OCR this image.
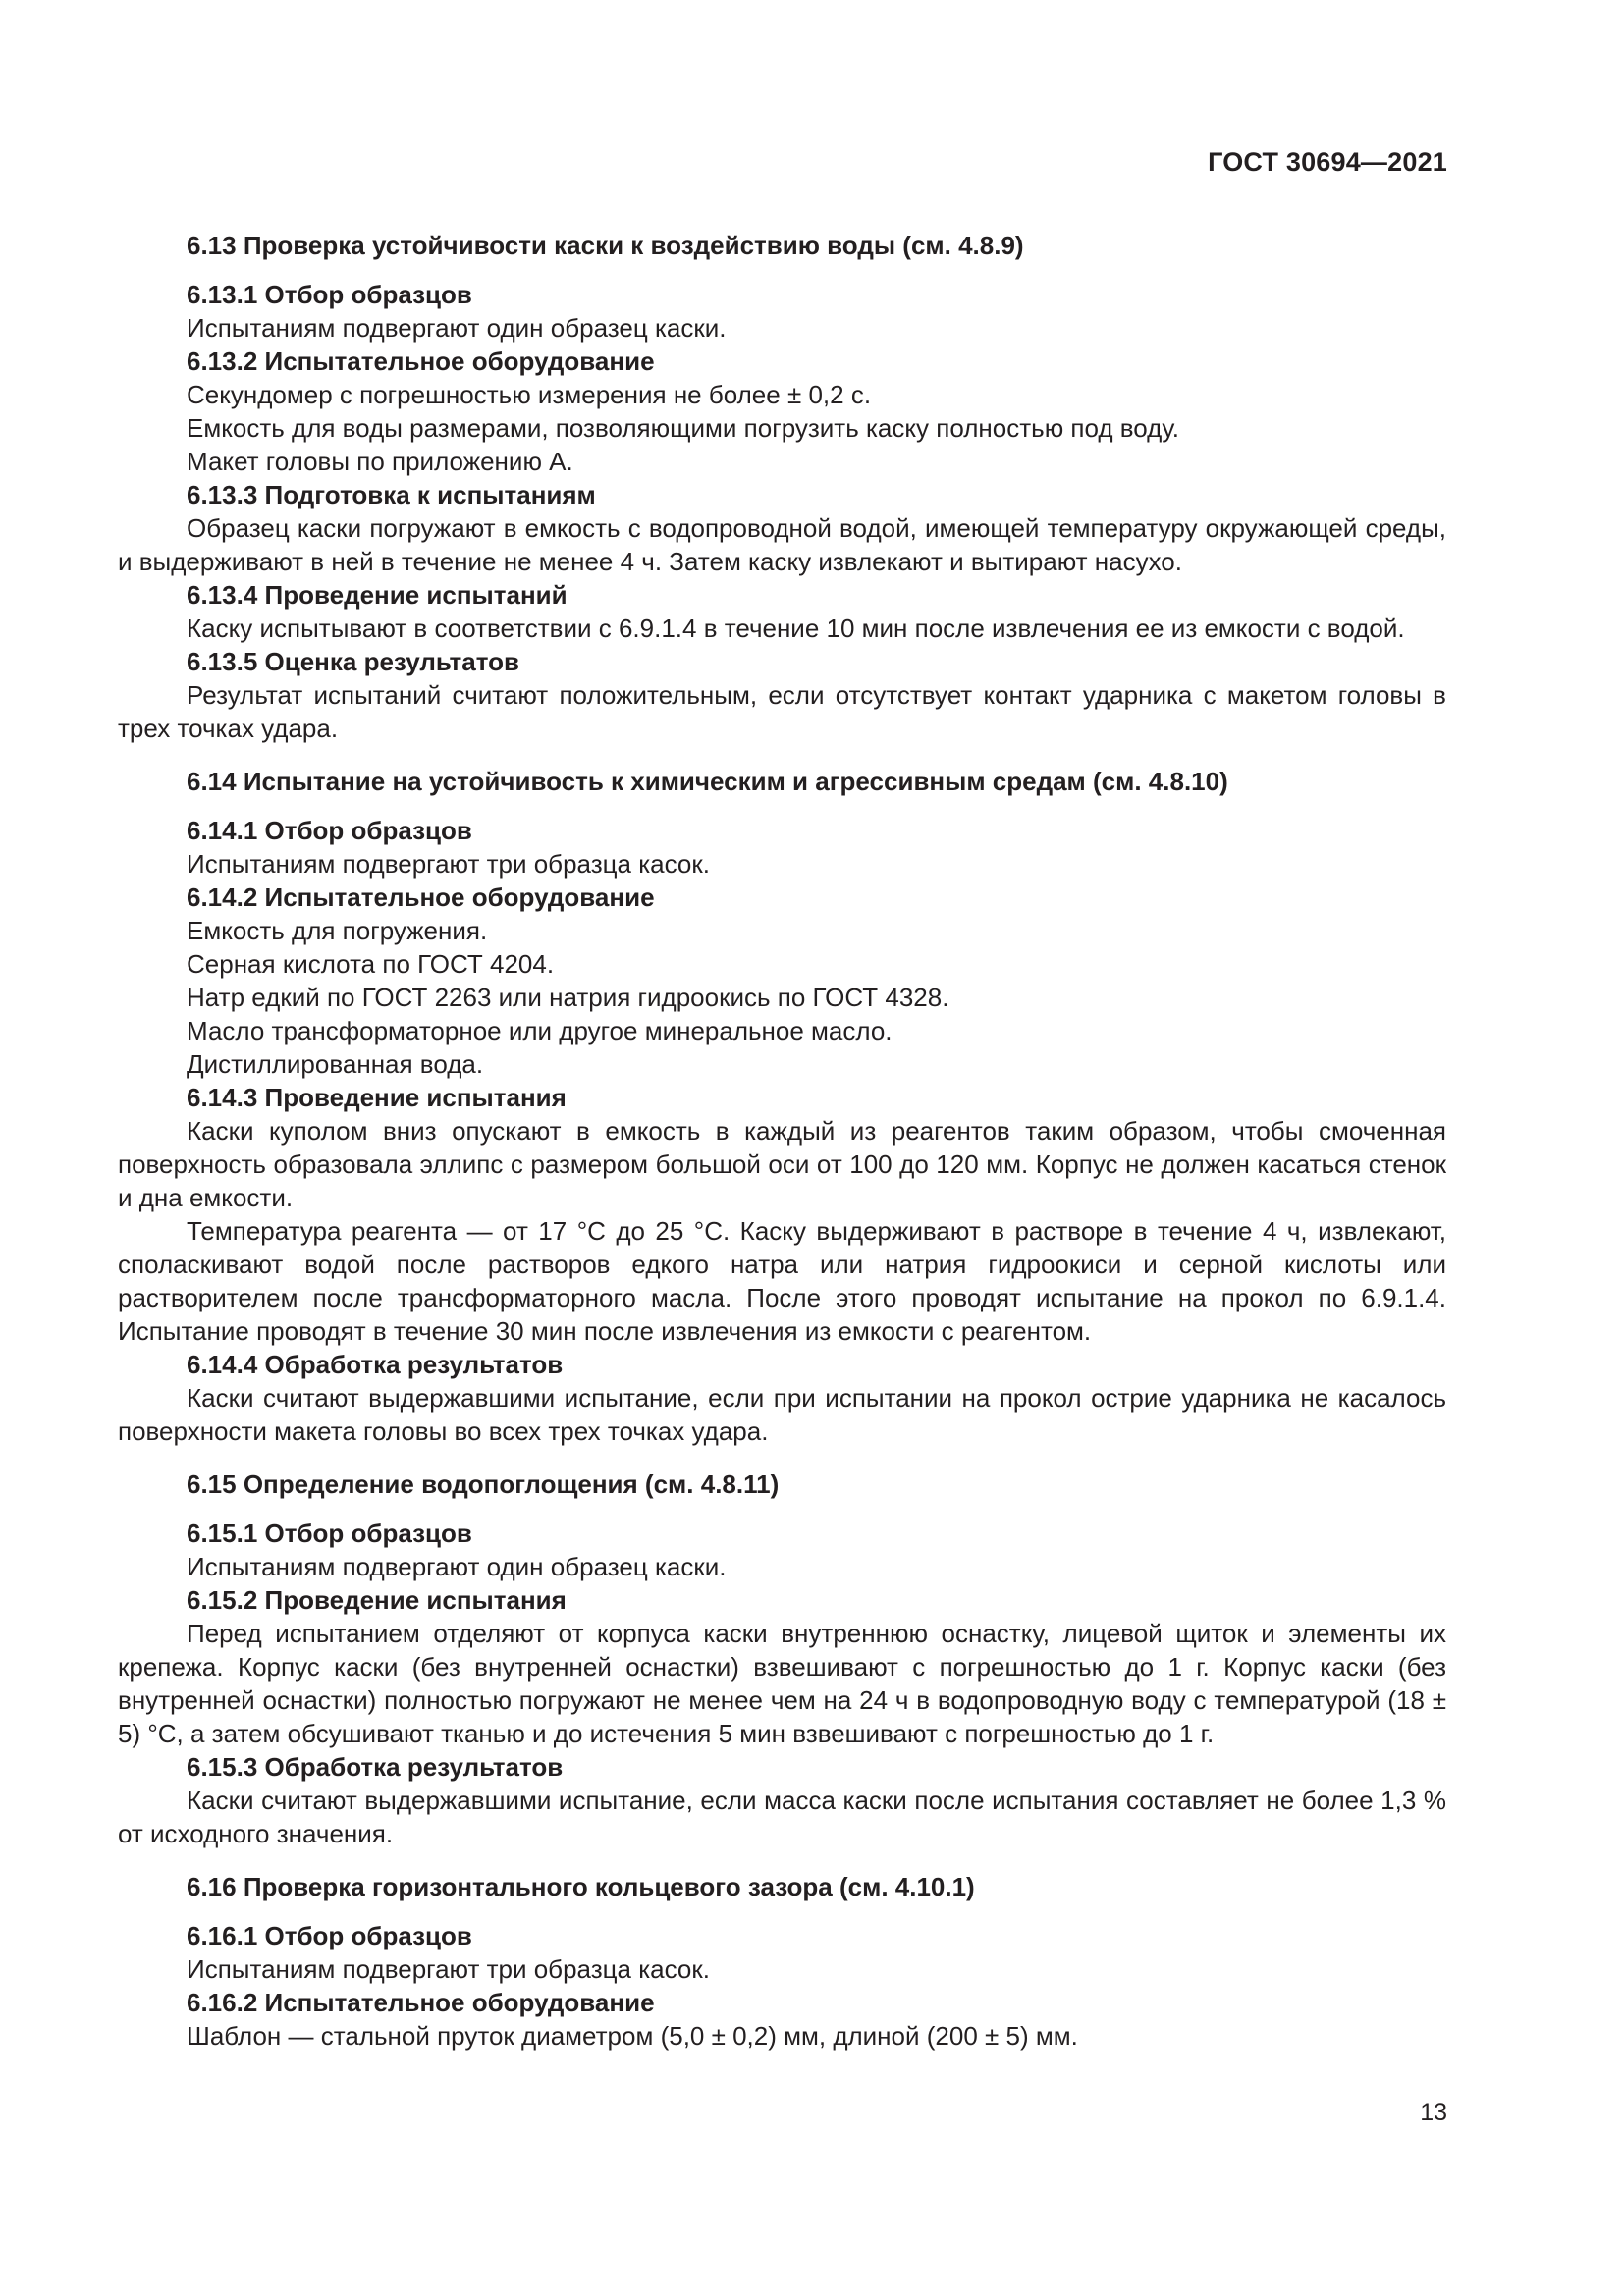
ГОСТ 30694—2021
6.13 Проверка устойчивости каски к воздействию воды (см. 4.8.9)
6.13.1 Отбор образцов
Испытаниям подвергают один образец каски.
6.13.2 Испытательное оборудование
Секундомер с погрешностью измерения не более ± 0,2 с.
Емкость для воды размерами, позволяющими погрузить каску полностью под воду.
Макет головы по приложению А.
6.13.3 Подготовка к испытаниям
Образец каски погружают в емкость с водопроводной водой, имеющей температуру окружающей среды, и выдерживают в ней в течение не менее 4 ч. Затем каску извлекают и вытирают насухо.
6.13.4 Проведение испытаний
Каску испытывают в соответствии с 6.9.1.4 в течение 10 мин после извлечения ее из емкости с водой.
6.13.5 Оценка результатов
Результат испытаний считают положительным, если отсутствует контакт ударника с макетом головы в трех точках удара.
6.14 Испытание на устойчивость к химическим и агрессивным средам (см. 4.8.10)
6.14.1 Отбор образцов
Испытаниям подвергают три образца касок.
6.14.2 Испытательное оборудование
Емкость для погружения.
Серная кислота по ГОСТ 4204.
Натр едкий по ГОСТ 2263 или натрия гидроокись по ГОСТ 4328.
Масло трансформаторное или другое минеральное масло.
Дистиллированная вода.
6.14.3 Проведение испытания
Каски куполом вниз опускают в емкость в каждый из реагентов таким образом, чтобы смоченная поверхность образовала эллипс с размером большой оси от 100 до 120 мм. Корпус не должен касаться стенок и дна емкости.
Температура реагента — от 17 °С до 25 °С. Каску выдерживают в растворе в течение 4 ч, извлекают, споласкивают водой после растворов едкого натра или натрия гидроокиси и серной кислоты или растворителем после трансформаторного масла. После этого проводят испытание на прокол по 6.9.1.4. Испытание проводят в течение 30 мин после извлечения из емкости с реагентом.
6.14.4 Обработка результатов
Каски считают выдержавшими испытание, если при испытании на прокол острие ударника не касалось поверхности макета головы во всех трех точках удара.
6.15 Определение водопоглощения (см. 4.8.11)
6.15.1 Отбор образцов
Испытаниям подвергают один образец каски.
6.15.2 Проведение испытания
Перед испытанием отделяют от корпуса каски внутреннюю оснастку, лицевой щиток и элементы их крепежа. Корпус каски (без внутренней оснастки) взвешивают с погрешностью до 1 г. Корпус каски (без внутренней оснастки) полностью погружают не менее чем на 24 ч в водопроводную воду с температурой (18 ± 5) °С, а затем обсушивают тканью и до истечения 5 мин взвешивают с погрешностью до 1 г.
6.15.3 Обработка результатов
Каски считают выдержавшими испытание, если масса каски после испытания составляет не более 1,3 % от исходного значения.
6.16 Проверка горизонтального кольцевого зазора (см. 4.10.1)
6.16.1 Отбор образцов
Испытаниям подвергают три образца касок.
6.16.2 Испытательное оборудование
Шаблон — стальной пруток диаметром (5,0 ± 0,2) мм, длиной (200 ± 5) мм.
13
